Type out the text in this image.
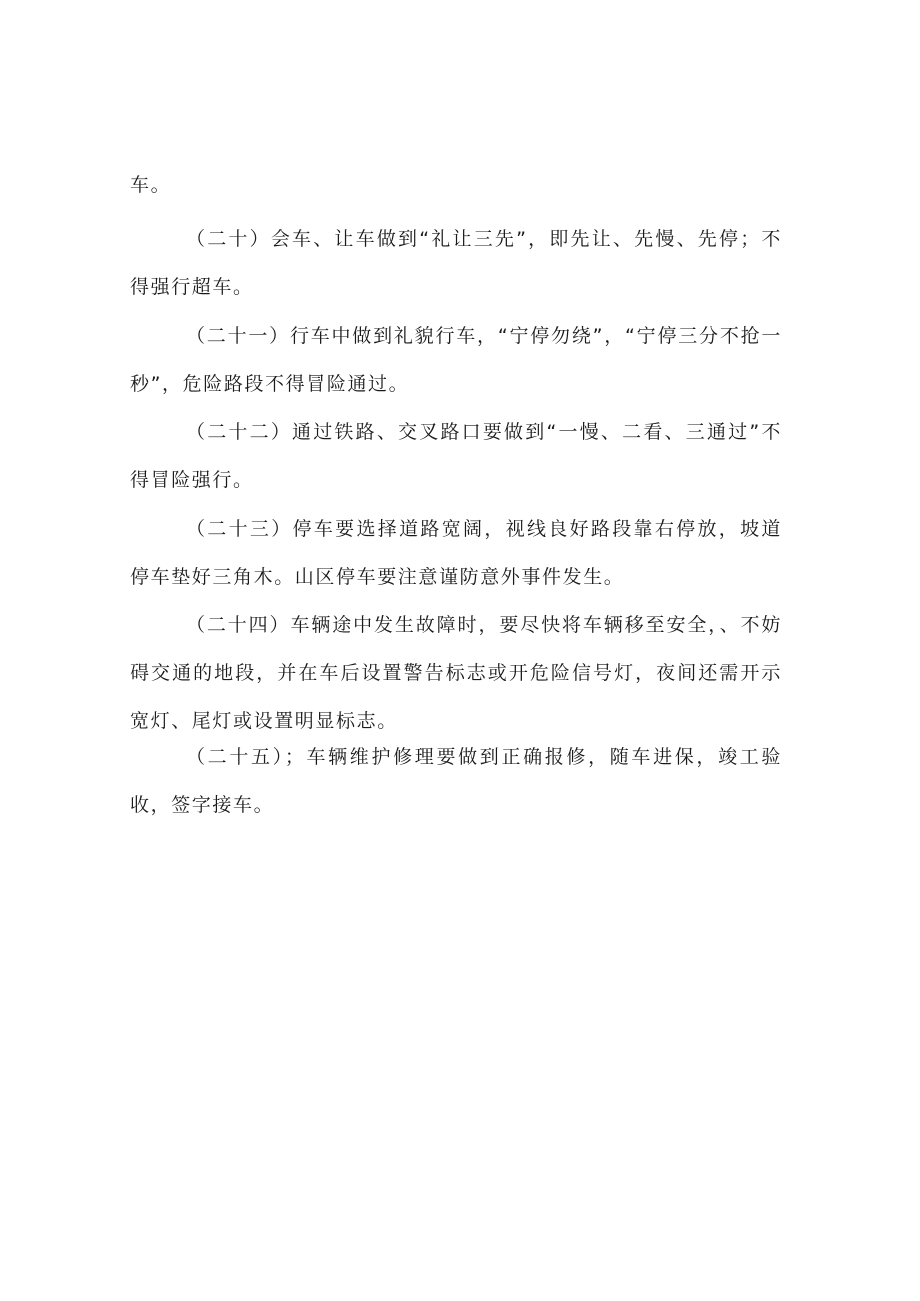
车。

（二十）会车、让车做到“礼让三先”，即先让、先慢、先停；不得强行超车。

（二十一）行车中做到礼貌行车，“宁停勿绕”，“宁停三分不抢一秒”，危险路段不得冒险通过。

（二十二）通过铁路、交叉路口要做到“一慢、二看、三通过”不得冒险强行。

（二十三）停车要选择道路宽阔，视线良好路段靠右停放，坡道停车垫好三角木。山区停车要注意谨防意外事件发生。

（二十四）车辆途中发生故障时，要尽快将车辆移至安全，、不妨碍交通的地段，并在车后设置警告标志或开危险信号灯，夜间还需开示宽灯、尾灯或设置明显标志。

（二十五）；车辆维护修理要做到正确报修，随车进保，竣工验收，签字接车。
